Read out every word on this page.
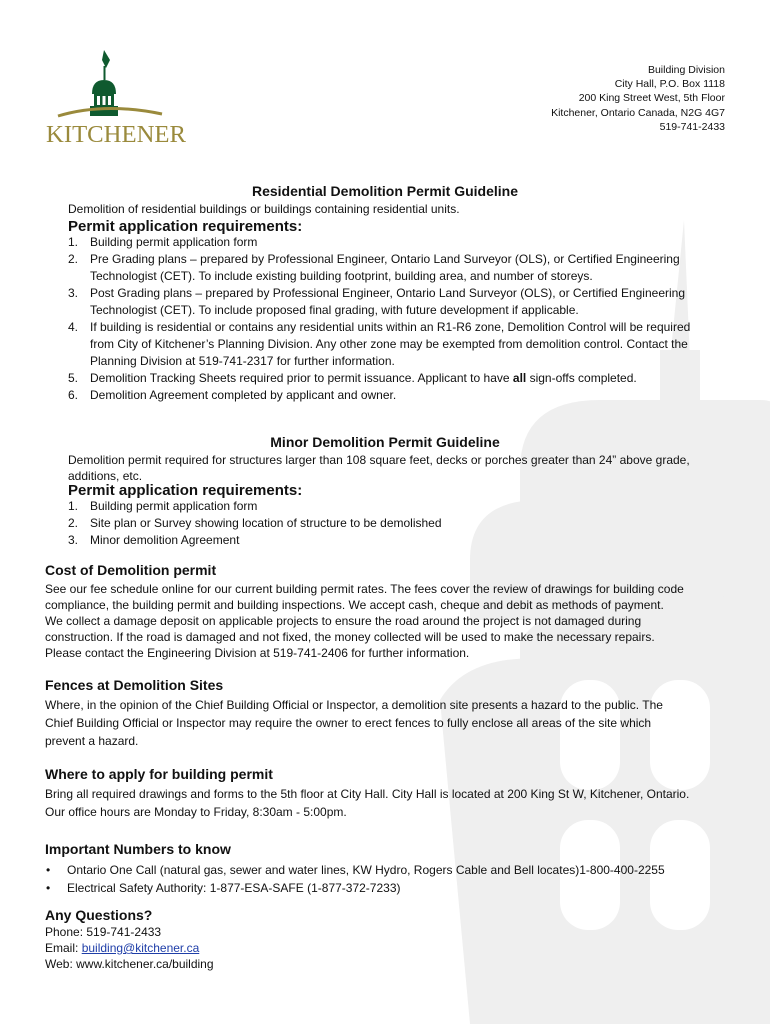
KITCHENER
Building Division
City Hall, P.O. Box 1118
200 King Street West, 5th Floor
Kitchener, Ontario Canada, N2G 4G7
519-741-2433
Residential Demolition Permit Guideline
Demolition of residential buildings or buildings containing residential units.
Permit application requirements:
1. Building permit application form
2. Pre Grading plans – prepared by Professional Engineer, Ontario Land Surveyor (OLS), or Certified Engineering
Technologist (CET). To include existing building footprint, building area, and number of storeys.
3. Post Grading plans – prepared by Professional Engineer, Ontario Land Surveyor (OLS), or Certified Engineering
Technologist (CET). To include proposed final grading, with future development if applicable.
4. If building is residential or contains any residential units within an R1-R6 zone, Demolition Control will be required
from City of Kitchener’s Planning Division. Any other zone may be exempted from demolition control. Contact the
Planning Division at 519-741-2317 for further information.
5. Demolition Tracking Sheets required prior to permit issuance. Applicant to have all sign-offs completed.
6. Demolition Agreement completed by applicant and owner.
Minor Demolition Permit Guideline
Demolition permit required for structures larger than 108 square feet, decks or porches greater than 24” above grade,
additions, etc.
Permit application requirements:
1. Building permit application form
2. Site plan or Survey showing location of structure to be demolished
3. Minor demolition Agreement
Cost of Demolition permit
See our fee schedule online for our current building permit rates. The fees cover the review of drawings for building code
compliance, the building permit and building inspections. We accept cash, cheque and debit as methods of payment.
We collect a damage deposit on applicable projects to ensure the road around the project is not damaged during
construction. If the road is damaged and not fixed, the money collected will be used to make the necessary repairs.
Please contact the Engineering Division at 519-741-2406 for further information.
Fences at Demolition Sites
Where, in the opinion of the Chief Building Official or Inspector, a demolition site presents a hazard to the public. The
Chief Building Official or Inspector may require the owner to erect fences to fully enclose all areas of the site which
prevent a hazard.
Where to apply for building permit
Bring all required drawings and forms to the 5th floor at City Hall. City Hall is located at 200 King St W, Kitchener, Ontario.
Our office hours are Monday to Friday, 8:30am - 5:00pm.
Important Numbers to know
• Ontario One Call (natural gas, sewer and water lines, KW Hydro, Rogers Cable and Bell locates)1-800-400-2255
• Electrical Safety Authority: 1-877-ESA-SAFE (1-877-372-7233)
Any Questions?
Phone: 519-741-2433
Email: building@kitchener.ca
Web: www.kitchener.ca/building
